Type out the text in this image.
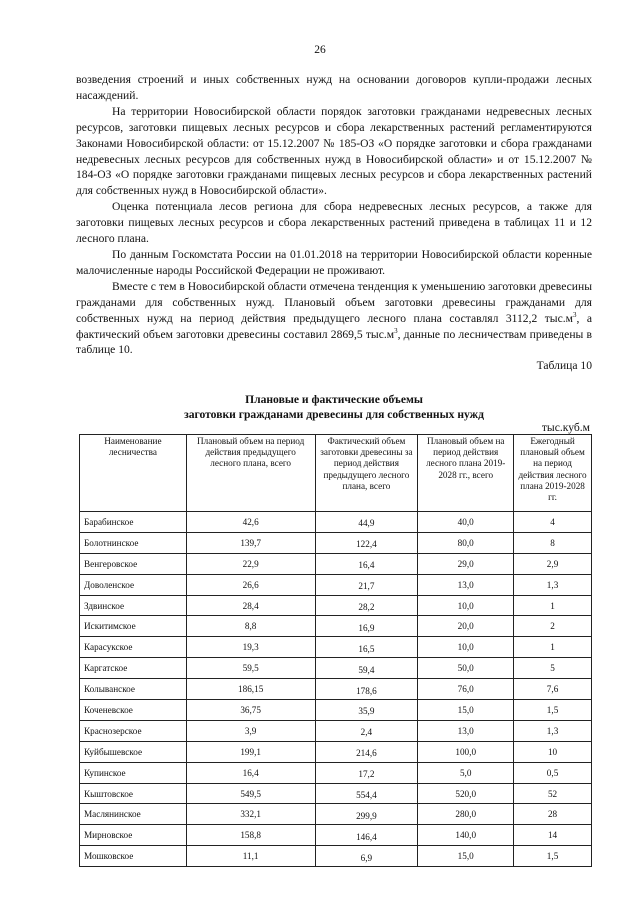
26

возведения строений и иных собственных нужд на основании договоров купли-продажи лесных насаждений.

На территории Новосибирской области порядок заготовки гражданами недревесных лесных ресурсов, заготовки пищевых лесных ресурсов и сбора лекарственных растений регламентируются Законами Новосибирской области: от 15.12.2007 № 185-ОЗ «О порядке заготовки и сбора гражданами недревесных лесных ресурсов для собственных нужд в Новосибирской области» и от 15.12.2007 № 184-ОЗ «О порядке заготовки гражданами пищевых лесных ресурсов и сбора лекарственных растений для собственных нужд в Новосибирской области».

Оценка потенциала лесов региона для сбора недревесных лесных ресурсов, а также для заготовки пищевых лесных ресурсов и сбора лекарственных растений приведена в таблицах 11 и 12 лесного плана.

По данным Госкомстата России на 01.01.2018 на территории Новосибирской области коренные малочисленные народы Российской Федерации не проживают.

Вместе с тем в Новосибирской области отмечена тенденция к уменьшению заготовки древесины гражданами для собственных нужд. Плановый объем заготовки древесины гражданами для собственных нужд на период действия предыдущего лесного плана составлял 3112,2 $тыс.м^3$, а фактический объем заготовки древесины составил 2869,5 $тыс.м^3$, данные по лесничествам приведены в таблице 10.

Таблица 10
Плановые и фактические объемы
заготовки гражданами древесины для собственных нужд
тыс.куб.м
Наименование лесничества	Плановый объем на период действия предыдущего лесного плана, всего	Фактический объем заготовки древесины за период действия предыдущего лесного плана, всего	Плановый объем на период действия лесного плана 2019-2028 гг., всего	Ежегодный плановый объем на период действия лесного плана 2019-2028 гг.
Барабинское	42,6	44,9	40,0	4
Болотнинское	139,7	122,4	80,0	8
Венгеровское	22,9	16,4	29,0	2,9
Доволенское	26,6	21,7	13,0	1,3
Здвинское	28,4	28,2	10,0	1
Искитимское	8,8	16,9	20,0	2
Карасукское	19,3	16,5	10,0	1
Каргатское	59,5	59,4	50,0	5
Колыванское	186,15	178,6	76,0	7,6
Коченевское	36,75	35,9	15,0	1,5
Краснозерское	3,9	2,4	13,0	1,3
Куйбышевское	199,1	214,6	100,0	10
Купинское	16,4	17,2	5,0	0,5
Кыштовское	549,5	554,4	520,0	52
Маслянинское	332,1	299,9	280,0	28
Мирновское	158,8	146,4	140,0	14
Мошковское	11,1	6,9	15,0	1,5
